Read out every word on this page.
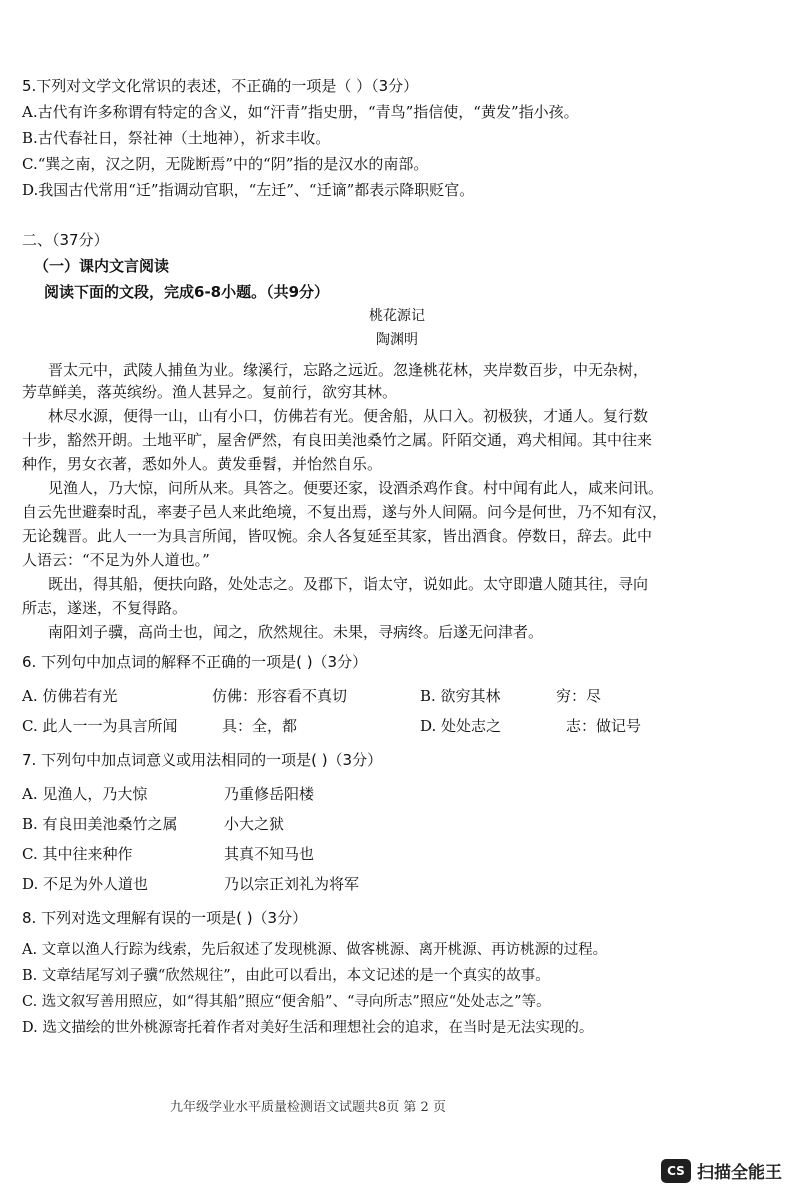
5.下列对文学文化常识的表述，不正确的一项是（ ）（3分）
A.古代有许多称谓有特定的含义，如“汗青”指史册，“青鸟”指信使，“黄发”指小孩。
B.古代春社日，祭社神（土地神），祈求丰收。
C.“巽之南，汉之阴，无陇断焉”中的“阴”指的是汉水的南部。
D.我国古代常用“迁”指调动官职，“左迁”、“迁谪”都表示降职贬官。
二、（37分）
（一）课内文言阅读
阅读下面的文段，完成6-8小题。（共9分）
桃花源记
陶渊明
晋太元中，武陵人捕鱼为业。缘溪行，忘路之远近。忽逢桃花林，夹岸数百步，中无杂树，
芳草鲜美，落英缤纷。渔人甚异之。复前行，欲穷其林。
林尽水源，便得一山，山有小口，仿佛若有光。便舍船，从口入。初极狭，才通人。复行数
十步，豁然开朗。土地平旷，屋舍俨然，有良田美池桑竹之属。阡陌交通，鸡犬相闻。其中往来
种作，男女衣著，悉如外人。黄发垂髫，并怡然自乐。
见渔人，乃大惊，问所从来。具答之。便要还家，设酒杀鸡作食。村中闻有此人，咸来问讯。
自云先世避秦时乱，率妻子邑人来此绝境，不复出焉，遂与外人间隔。问今是何世，乃不知有汉，
无论魏晋。此人一一为具言所闻，皆叹惋。余人各复延至其家，皆出酒食。停数日，辞去。此中
人语云：“不足为外人道也。”
既出，得其船，便扶向路，处处志之。及郡下，诣太守，说如此。太守即遣人随其往，寻向
所志，遂迷，不复得路。
南阳刘子骥，高尚士也，闻之，欣然规往。未果，寻病终。后遂无问津者。
6. 下列句中加点词的解释不正确的一项是( )（3分）
A. 仿佛若有光	仿佛：形容看不真切	B. 欲穷其林	穷：尽
C. 此人一一为具言所闻	具：全，都	D. 处处志之	志：做记号
7. 下列句中加点词意义或用法相同的一项是( )（3分）
A. 见渔人，乃大惊	乃重修岳阳楼
B. 有良田美池桑竹之属	小大之狱
C. 其中往来种作	其真不知马也
D. 不足为外人道也	乃以宗正刘礼为将军
8. 下列对选文理解有误的一项是( )（3分）
A. 文章以渔人行踪为线索，先后叙述了发现桃源、做客桃源、离开桃源、再访桃源的过程。
B. 文章结尾写刘子骥“欣然规往”，由此可以看出，本文记述的是一个真实的故事。
C. 选文叙写善用照应，如“得其船”照应“便舍船”、“寻向所志”照应“处处志之”等。
D. 选文描绘的世外桃源寄托着作者对美好生活和理想社会的追求，在当时是无法实现的。
九年级学业水平质量检测语文试题共8页 第 2 页
CS 扫描全能王
